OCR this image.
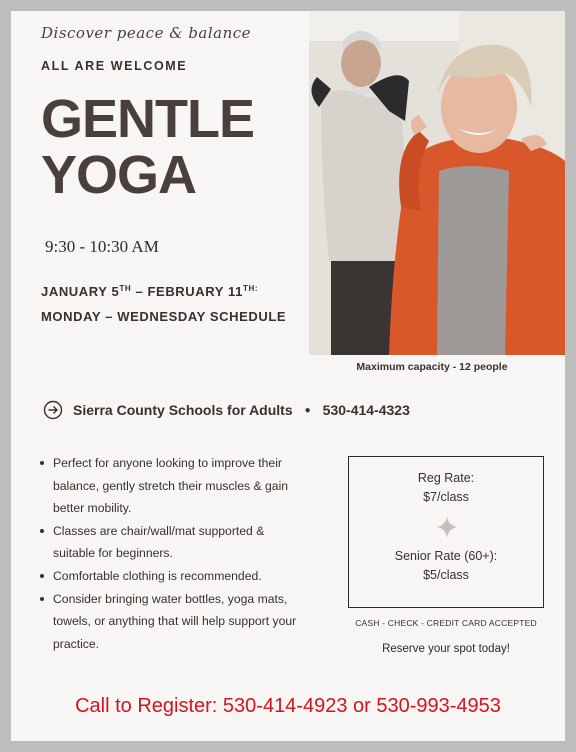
Discover peace & balance
ALL ARE WELCOME
GENTLE
YOGA
9:30 - 10:30 AM
JANUARY 5TH – FEBRUARY $11^{TH:}$
MONDAY – WEDNESDAY SCHEDULE
Maximum capacity - 12 people
Sierra County Schools for Adults ● 530-414-4323
Perfect for anyone looking to improve their balance, gently stretch their muscles & gain better mobility.
Classes are chair/wall/mat supported & suitable for beginners.
Comfortable clothing is recommended.
Consider bringing water bottles, yoga mats, towels, or anything that will help support your practice.
Reg Rate:
$7/class
Senior Rate (60+):
$5/class
CASH - CHECK - CREDIT CARD ACCEPTED
Reserve your spot today!
Call to Register: 530-414-4923 or 530-993-4953
